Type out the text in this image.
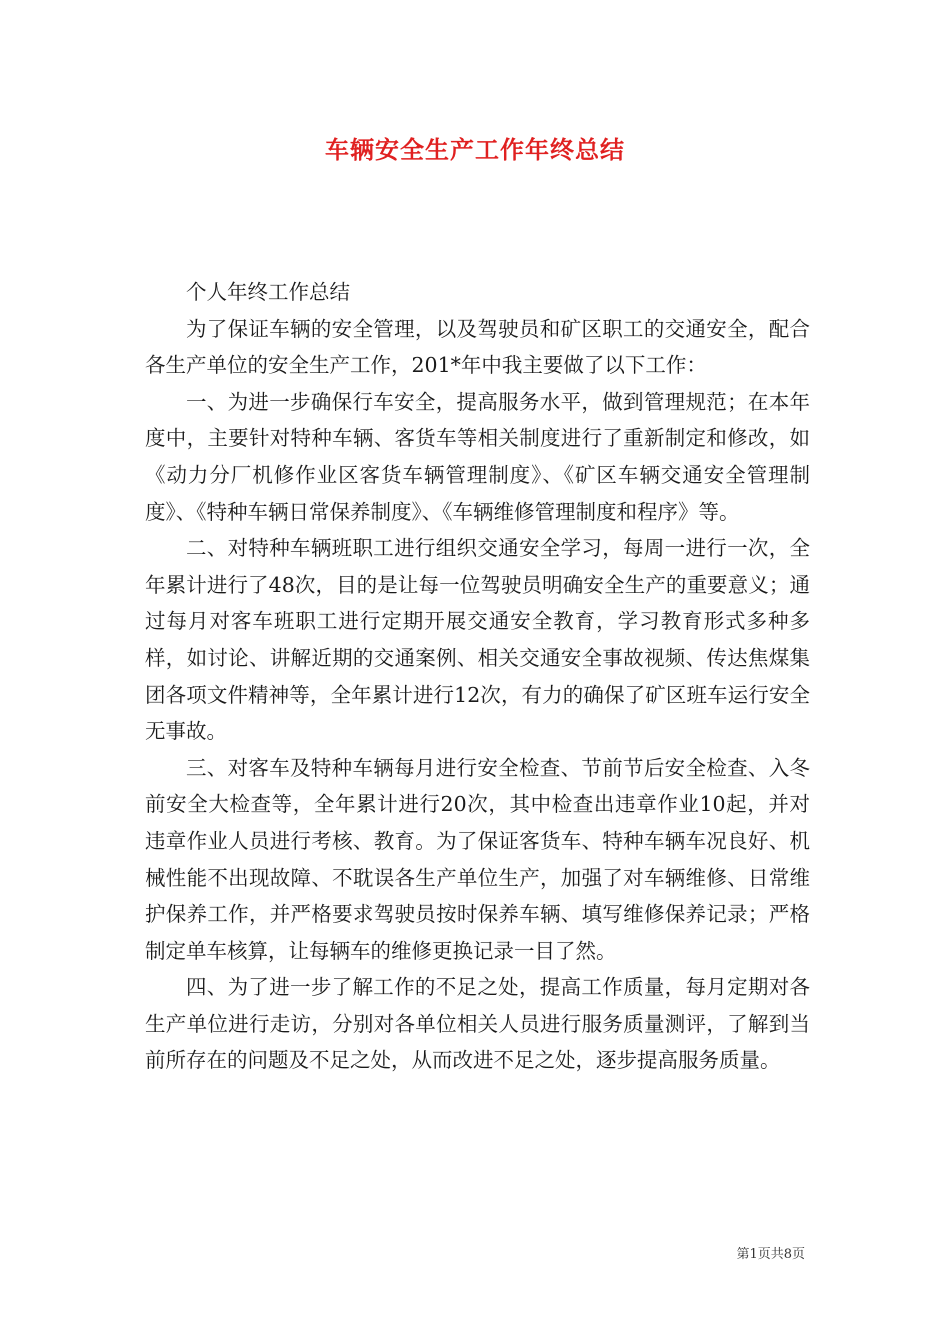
车辆安全生产工作年终总结

个人年终工作总结

为了保证车辆的安全管理，以及驾驶员和矿区职工的交通安全，配合各生产单位的安全生产工作，201*年中我主要做了以下工作：

一、为进一步确保行车安全，提高服务水平，做到管理规范；在本年度中，主要针对特种车辆、客货车等相关制度进行了重新制定和修改，如《动力分厂机修作业区客货车辆管理制度》、《矿区车辆交通安全管理制度》、《特种车辆日常保养制度》、《车辆维修管理制度和程序》等。

二、对特种车辆班职工进行组织交通安全学习，每周一进行一次，全年累计进行了48次，目的是让每一位驾驶员明确安全生产的重要意义；通过每月对客车班职工进行定期开展交通安全教育，学习教育形式多种多样，如讨论、讲解近期的交通案例、相关交通安全事故视频、传达焦煤集团各项文件精神等，全年累计进行12次，有力的确保了矿区班车运行安全无事故。

三、对客车及特种车辆每月进行安全检查、节前节后安全检查、入冬前安全大检查等，全年累计进行20次，其中检查出违章作业10起，并对违章作业人员进行考核、教育。为了保证客货车、特种车辆车况良好、机械性能不出现故障、不耽误各生产单位生产，加强了对车辆维修、日常维护保养工作，并严格要求驾驶员按时保养车辆、填写维修保养记录；严格制定单车核算，让每辆车的维修更换记录一目了然。

四、为了进一步了解工作的不足之处，提高工作质量，每月定期对各生产单位进行走访，分别对各单位相关人员进行服务质量测评，了解到当前所存在的问题及不足之处，从而改进不足之处，逐步提高服务质量。

第1页共8页
